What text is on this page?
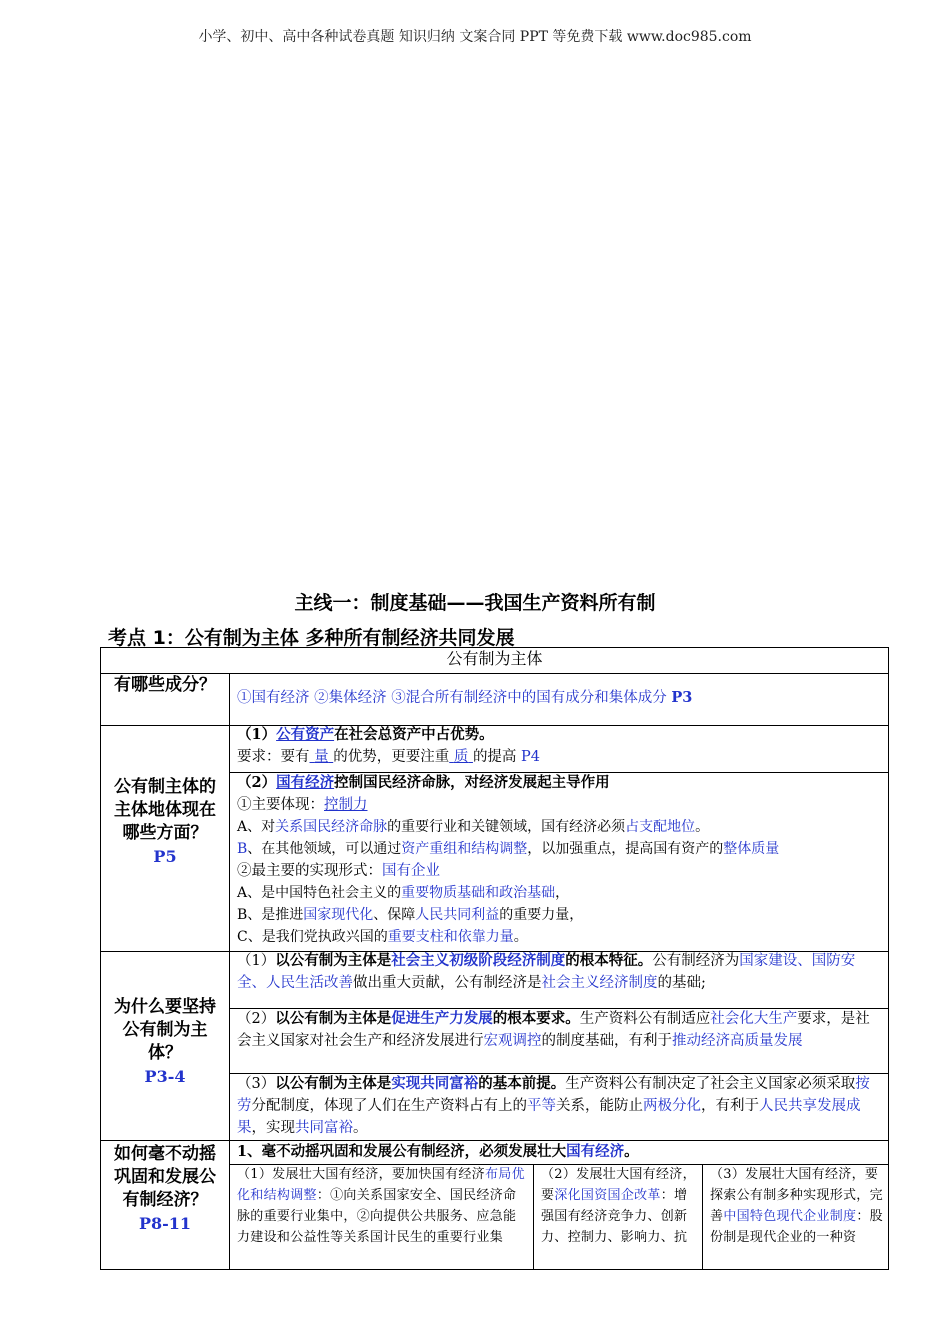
小学、初中、高中各种试卷真题 知识归纳 文案合同 PPT 等免费下载 www.doc985.com
主线一：制度基础——我国生产资料所有制
考点 1：公有制为主体 多种所有制经济共同发展
公有制为主体
有哪些成分？
①国有经济 ②集体经济 ③混合所有制经济中的国有成分和集体成分 P3
公有制主体的主体地体现在哪些方面？
P5
（1）公有资产在社会总资产中占优势。
要求：要有 量 的优势，更要注重 质 的提高 P4
（2）国有经济控制国民经济命脉，对经济发展起主导作用
①主要体现：控制力
A、对关系国民经济命脉的重要行业和关键领域，国有经济必须占支配地位。
B、在其他领域，可以通过资产重组和结构调整，以加强重点，提高国有资产的整体质量
②最主要的实现形式：国有企业
A、是中国特色社会主义的重要物质基础和政治基础，
B、是推进国家现代化、保障人民共同利益的重要力量，
C、是我们党执政兴国的重要支柱和依靠力量。
为什么要坚持公有制为主体？
P3-4
（1）以公有制为主体是社会主义初级阶段经济制度的根本特征。公有制经济为国家建设、国防安全、人民生活改善做出重大贡献，公有制经济是社会主义经济制度的基础;
（2）以公有制为主体是促进生产力发展的根本要求。生产资料公有制适应社会化大生产要求，是社会主义国家对社会生产和经济发展进行宏观调控的制度基础，有利于推动经济高质量发展
（3）以公有制为主体是实现共同富裕的基本前提。生产资料公有制决定了社会主义国家必须采取按劳分配制度，体现了人们在生产资料占有上的平等关系，能防止两极分化，有利于人民共享发展成果，实现共同富裕。
如何毫不动摇巩固和发展公有制经济？
P8-11
1、毫不动摇巩固和发展公有制经济，必须发展壮大国有经济。
（1）发展壮大国有经济，要加快国有经济布局优化和结构调整：①向关系国家安全、国民经济命脉的重要行业集中，②向提供公共服务、应急能力建设和公益性等关系国计民生的重要行业集
（2）发展壮大国有经济，要深化国资国企改革：增强国有经济竞争力、创新力、控制力、影响力、抗
（3）发展壮大国有经济，要探索公有制多种实现形式，完善中国特色现代企业制度：股份制是现代企业的一种资
